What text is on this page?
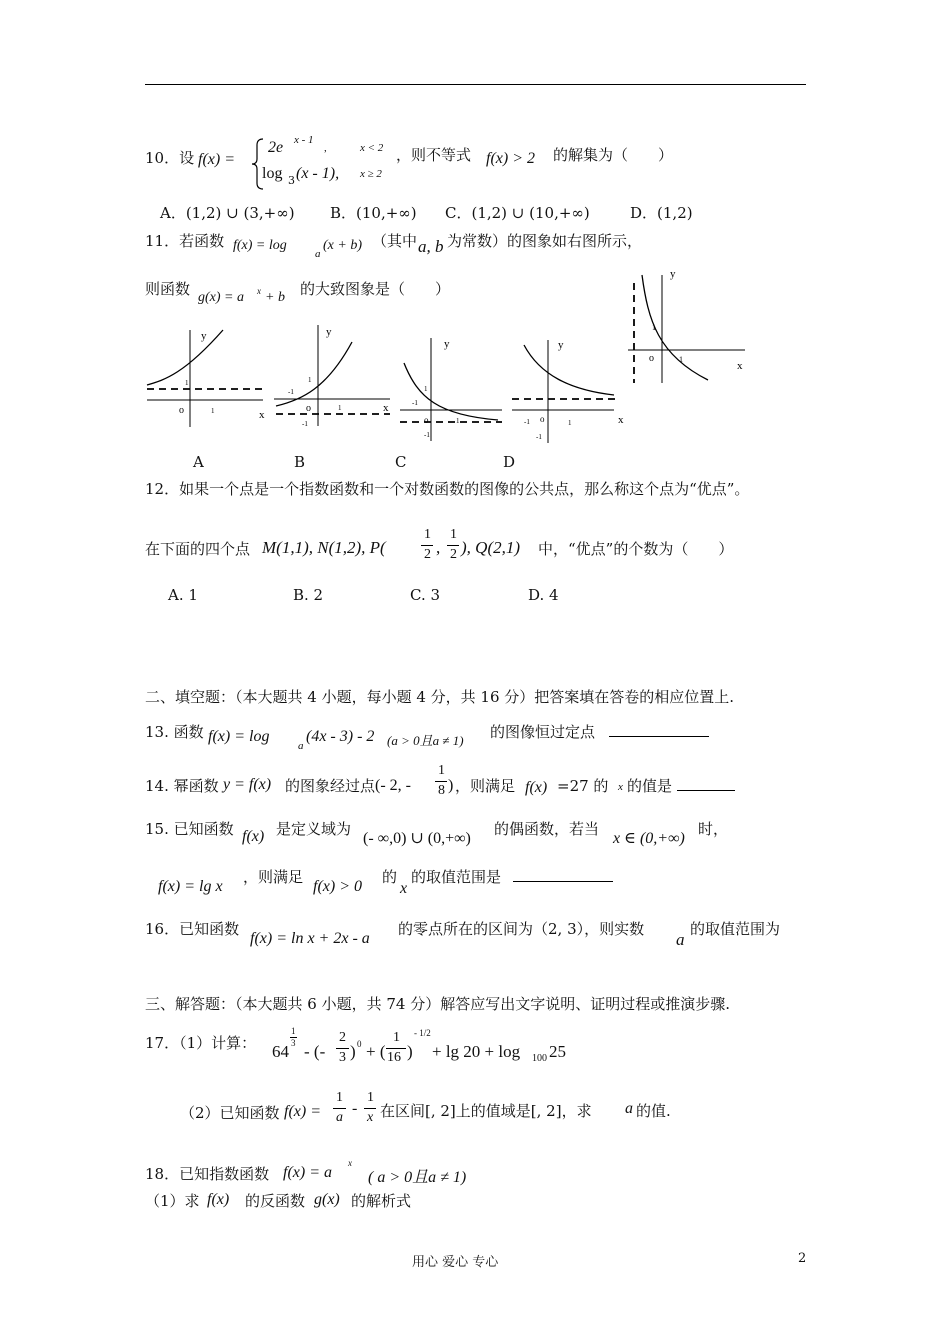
10．设 f(x) =
2e x - 1
,	x < 2
log 3 (x - 1), x ≥ 2
，则不等式 f(x) > 2 的解集为（　　）
A．(1,2) ∪ (3,+∞) B．(10,+∞) C．(1,2) ∪ (10,+∞)	D．(1,2)
11．若函数 f(x) = log
a
(x + b) （其中 a, b 为常数）的图象如右图所示，
则函数 g(x) = a x + b 的大致图象是（　　）
y
x
o	1
1
y
x
o
1
1
A
y
x
o
-1
-1
1
1
B
y
-1
-1
1
o	1
C
y
x
-1
-1
o	1
D
12．如果一个点是一个指数函数和一个对数函数的图像的公共点，那么称这个点为“优点”。
在下面的四个点 M(1,1), N(1,2), P(
1
2 ,
1
2 ), Q(2,1) 中，“优点”的个数为（　　）
A. 1	B. 2	C. 3	D. 4
二、填空题：（本大题共 4 小题，每小题 4 分，共 16 分）把答案填在答卷的相应位置上.
13. 函数 f(x) = log
a
(4x - 3) - 2 (a > 0且a ≠ 1) 的图像恒过定点
14. 幂函数 y = f(x) 的图象经过点 (- 2, -
1
8 ) ，则满足 f(x) =27 的 x 的值是
15. 已知函数 f(x) 是定义域为
(- ∞,0) ∪ (0,+∞)
的偶函数，若当
x ∈ (0,+∞)
时，
f(x) = lg x
，则满足
f(x) > 0
的
x
的取值范围是
16．已知函数
f(x) = ln x + 2x - a
的零点所在的区间为（2, 3），则实数
a
的取值范围为
三、解答题：（本大题共 6 小题，共 74 分）解答应写出文字说明、证明过程或推演步骤.
17．（1）计算： 64
1
3 - (-
2
3 ) 0 + (
1
16 )
- 1/2
+ lg 20 + log 100 25
（2）已知函数 f(x) =
1
a
-
1
x 在区间[, 2]上的值域是[, 2]，求 a 的值.
18．已知指数函数 f(x) = a
x
( a > 0且a ≠ 1)
（1）求 f(x) 的反函数 g(x) 的解析式
用心 爱心 专心	2
